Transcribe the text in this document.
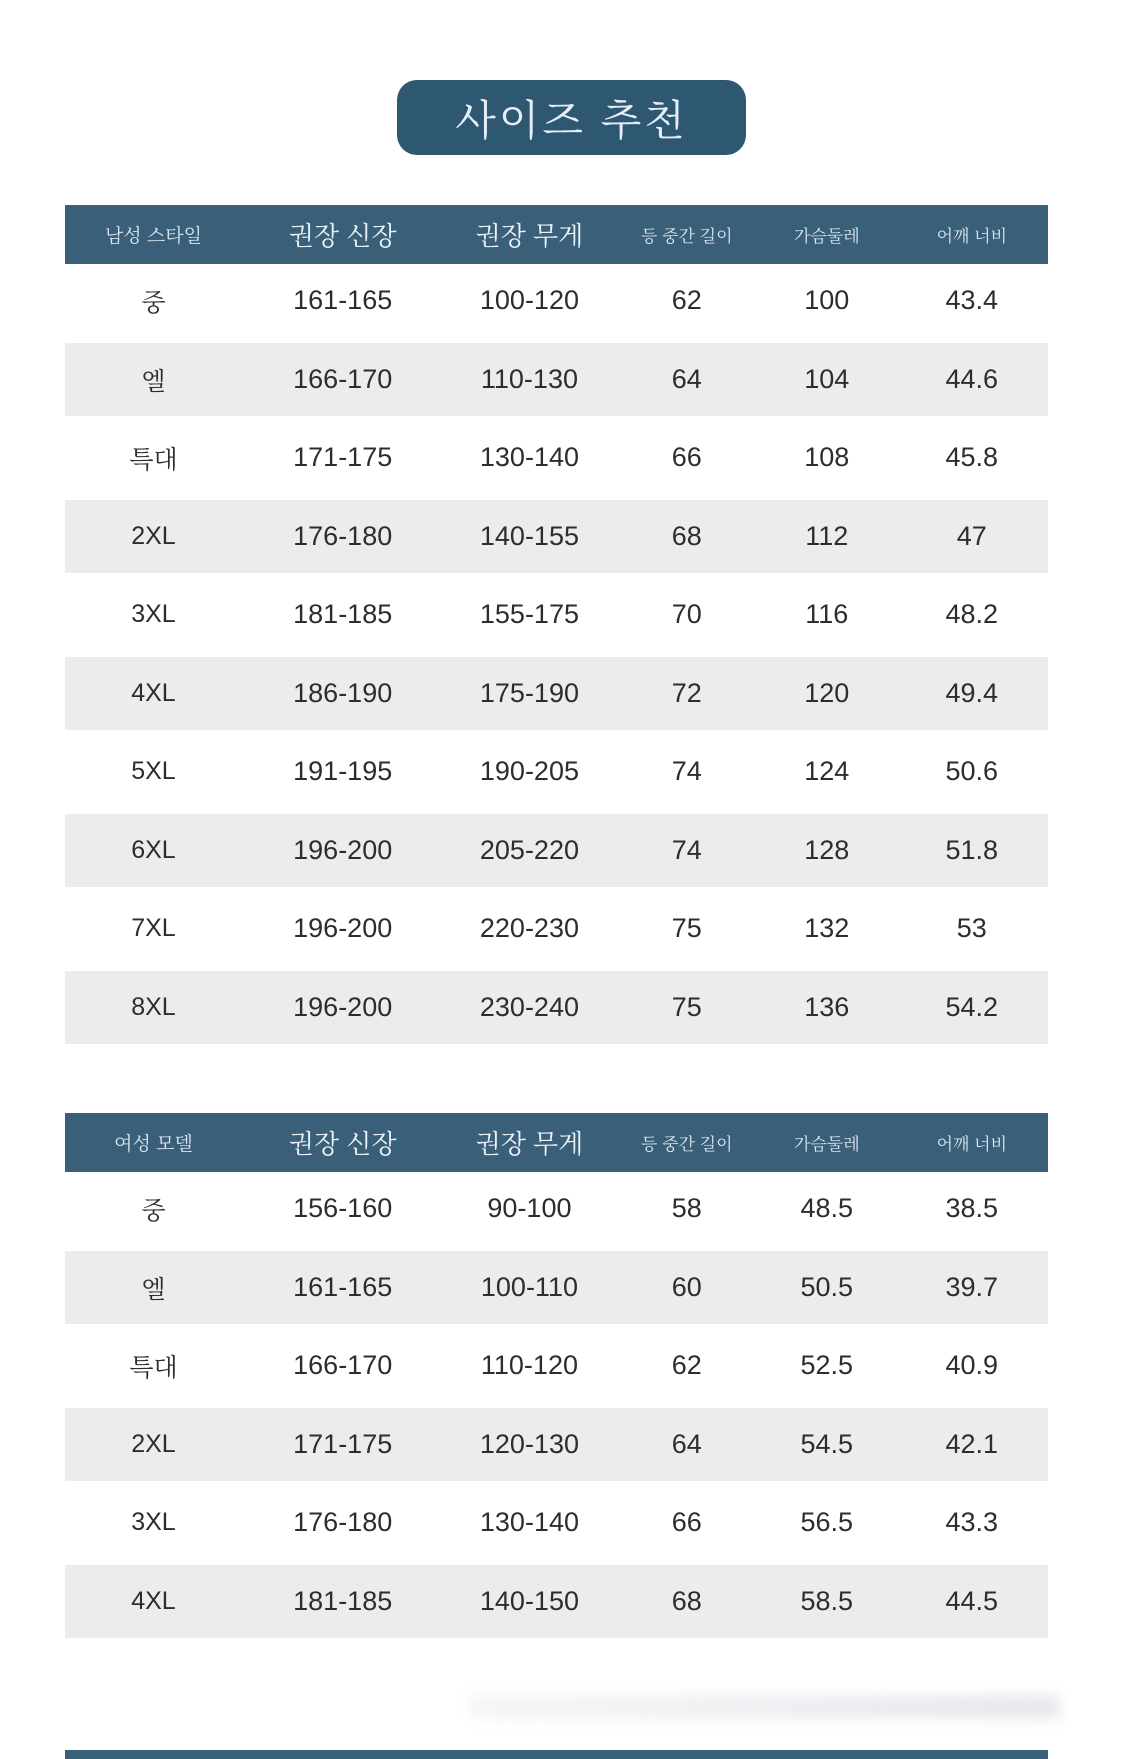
사이즈 추천
남성 스타일	권장 신장	권장 무게	등 중간 길이	가슴둘레	어깨 너비
중	161-165	100-120	62	100	43.4
엘	166-170	110-130	64	104	44.6
특대	171-175	130-140	66	108	45.8
2XL	176-180	140-155	68	112	47
3XL	181-185	155-175	70	116	48.2
4XL	186-190	175-190	72	120	49.4
5XL	191-195	190-205	74	124	50.6
6XL	196-200	205-220	74	128	51.8
7XL	196-200	220-230	75	132	53
8XL	196-200	230-240	75	136	54.2
여성 모델	권장 신장	권장 무게	등 중간 길이	가슴둘레	어깨 너비
중	156-160	90-100	58	48.5	38.5
엘	161-165	100-110	60	50.5	39.7
특대	166-170	110-120	62	52.5	40.9
2XL	171-175	120-130	64	54.5	42.1
3XL	176-180	130-140	66	56.5	43.3
4XL	181-185	140-150	68	58.5	44.5
